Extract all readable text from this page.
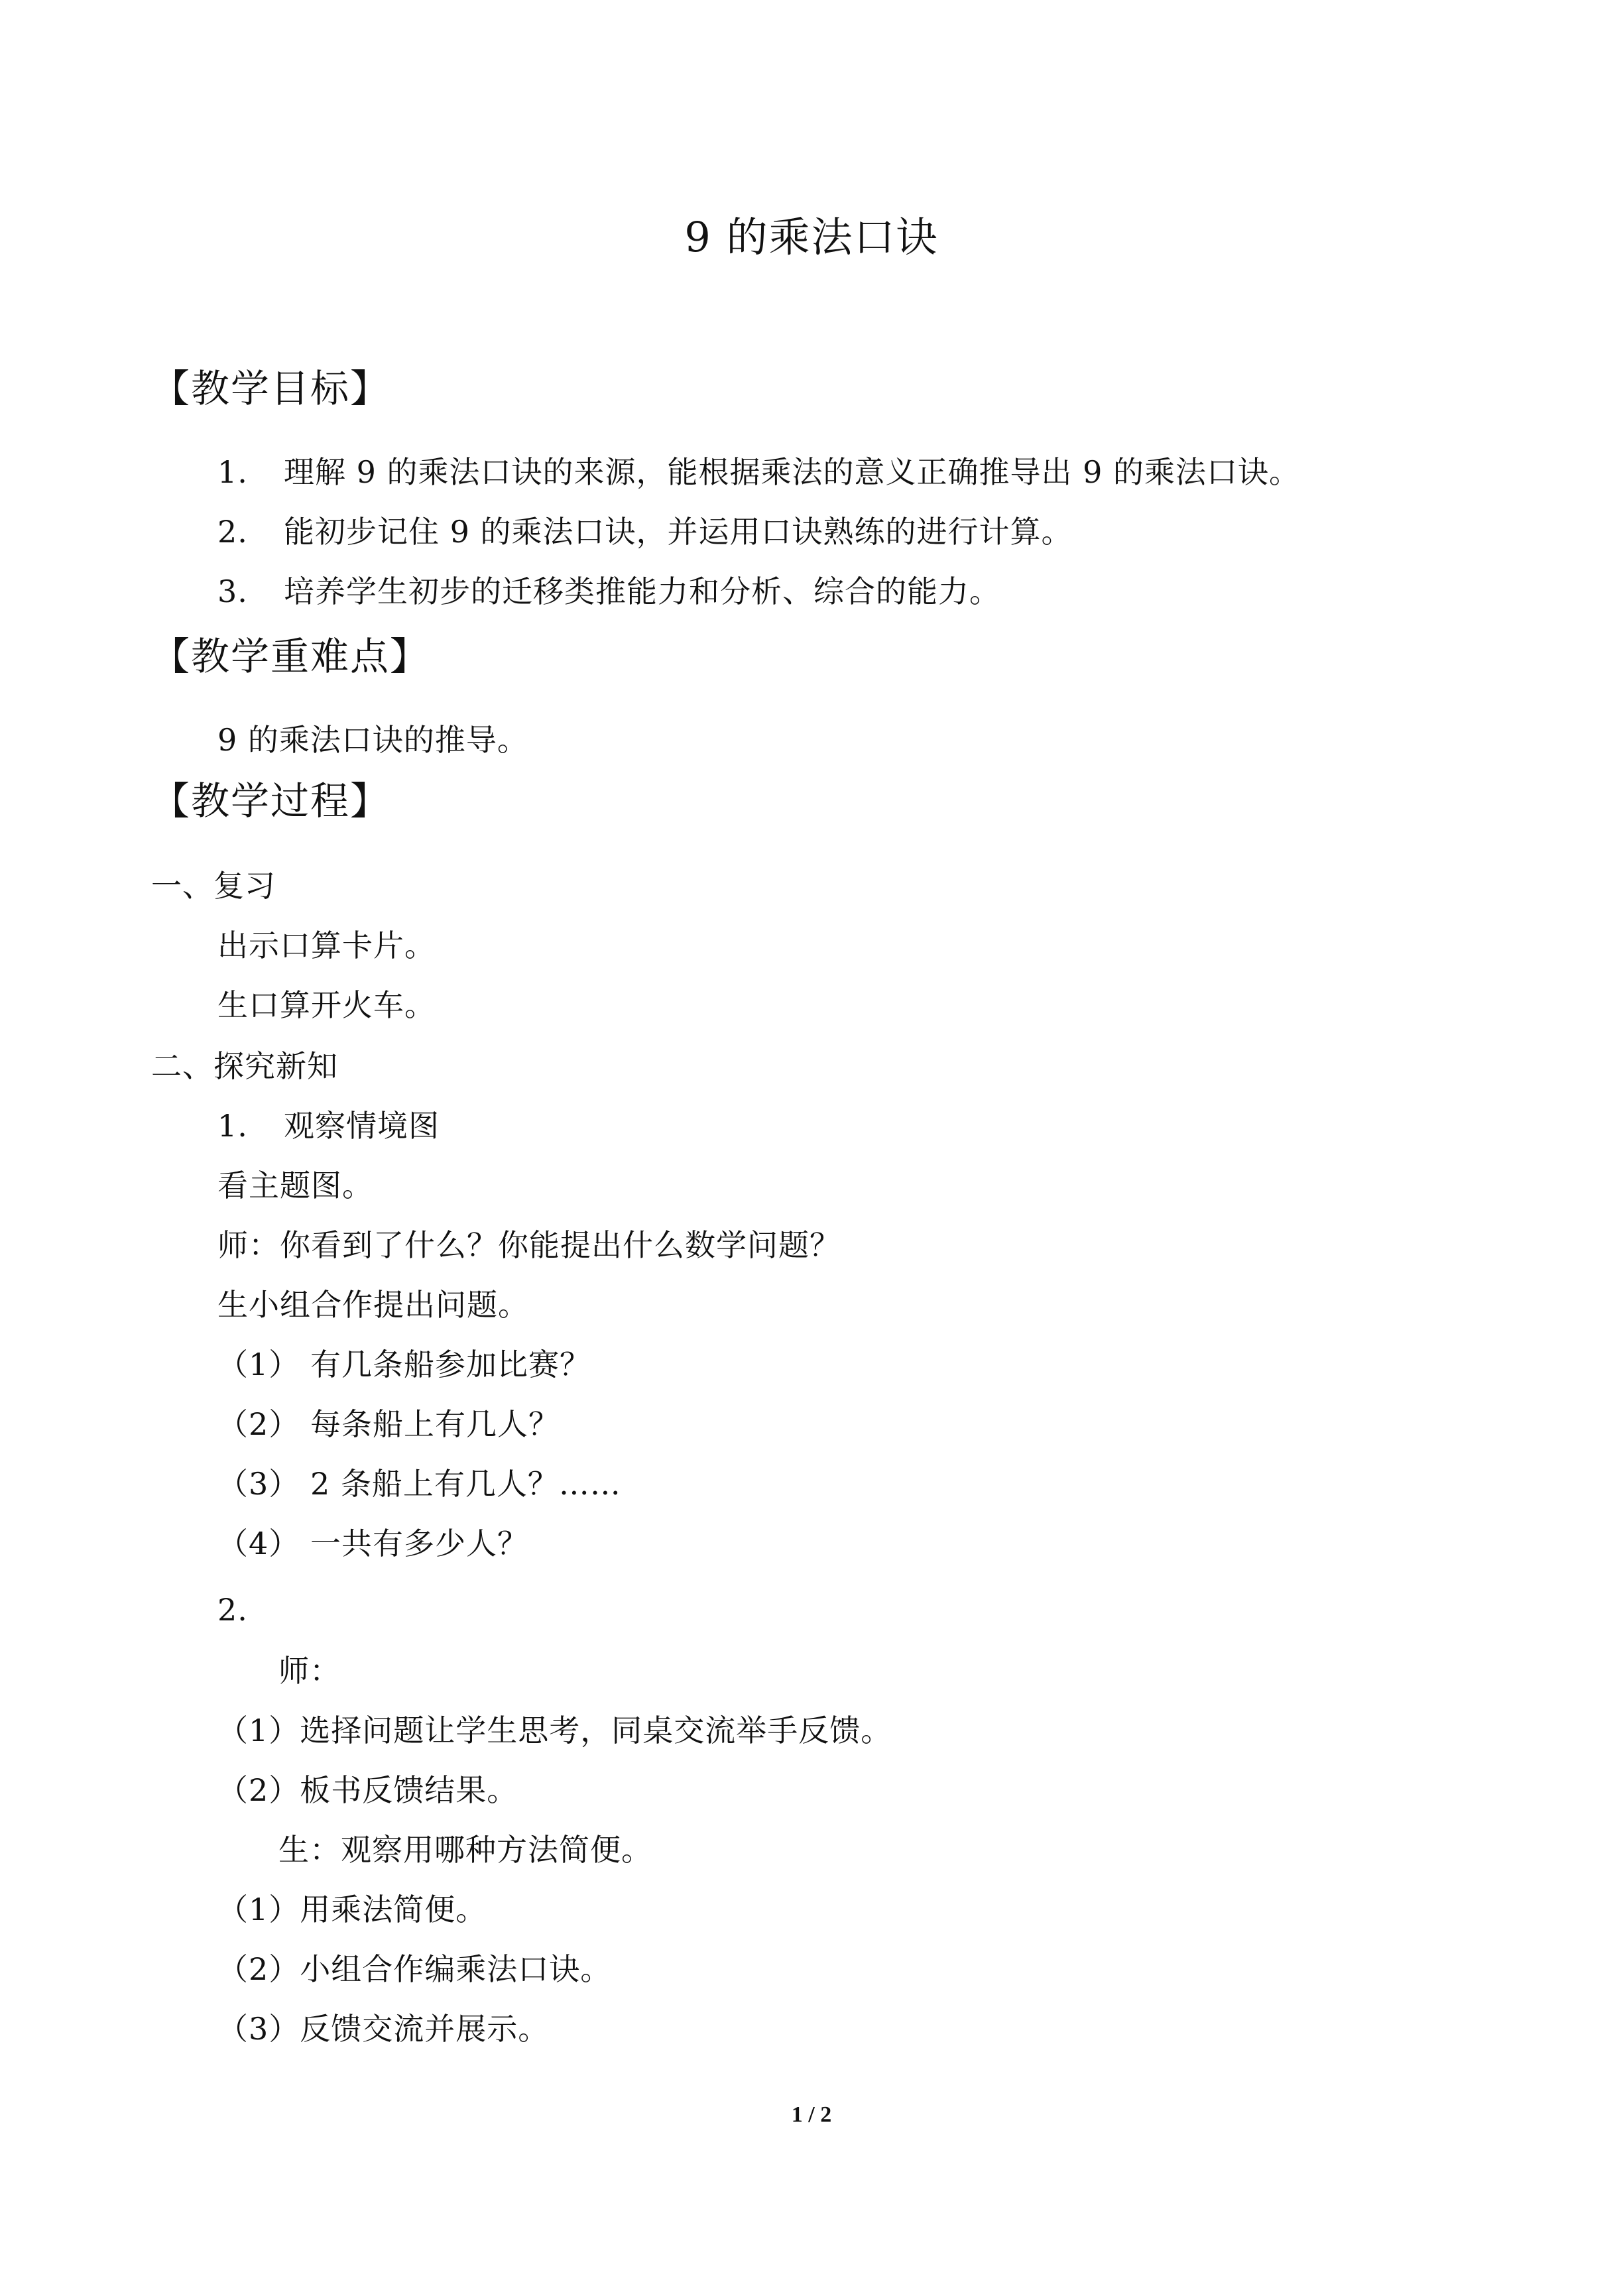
9 的乘法口诀
【教学目标】
1. 理解 9 的乘法口诀的来源，能根据乘法的意义正确推导出 9 的乘法口诀。
2. 能初步记住 9 的乘法口诀，并运用口诀熟练的进行计算。
3. 培养学生初步的迁移类推能力和分析、综合的能力。
【教学重难点】
9 的乘法口诀的推导。
【教学过程】
一、复习
出示口算卡片。
生口算开火车。
二、探究新知
1. 观察情境图
看主题图。
师：你看到了什么？你能提出什么数学问题？
生小组合作提出问题。
（1） 有几条船参加比赛？
（2） 每条船上有几人？
（3） 2 条船上有几人？……
（4） 一共有多少人？
2.
师：
（1）选择问题让学生思考，同桌交流举手反馈。
（2）板书反馈结果。
生：观察用哪种方法简便。
（1）用乘法简便。
（2）小组合作编乘法口诀。
（3）反馈交流并展示。
1 / 2
